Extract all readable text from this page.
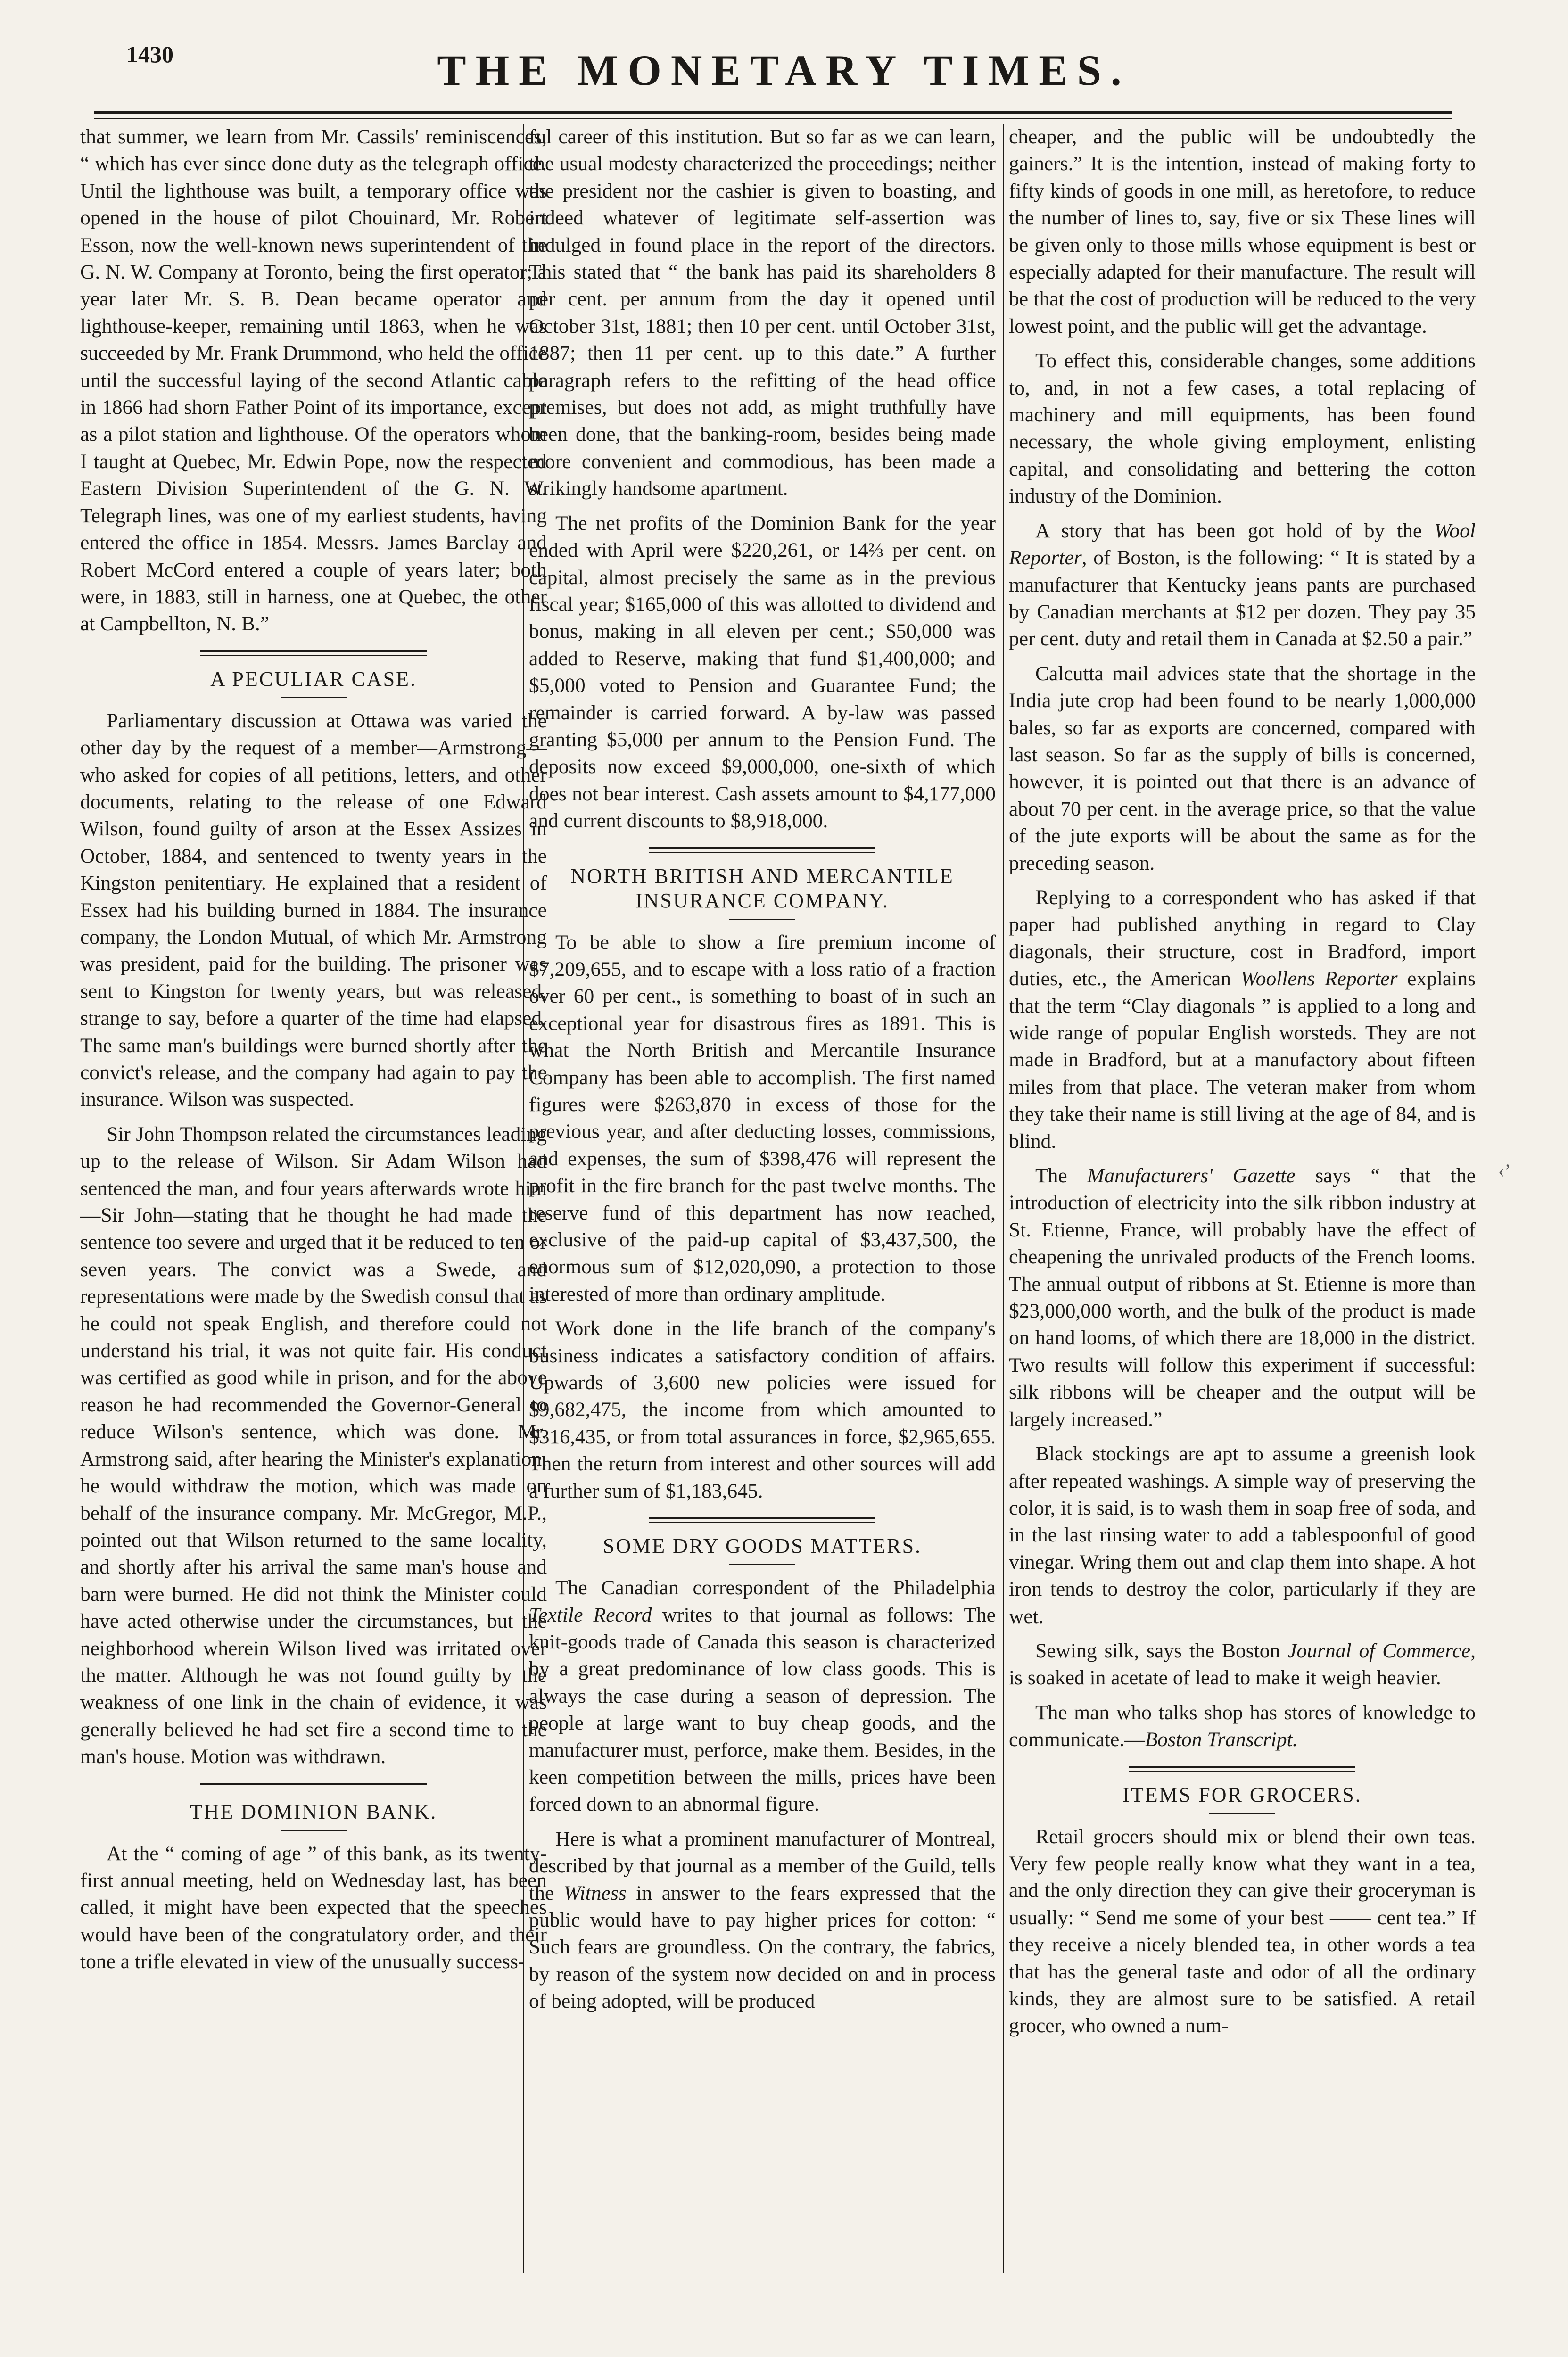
1430	THE MONETARY TIMES.

that summer, we learn from Mr. Cassils' reminiscences, “ which has ever since done duty as the telegraph office. Until the lighthouse was built, a temporary office was opened in the house of pilot Chouinard, Mr. Robert Esson, now the well-known news superintendent of the G. N. W. Company at Toronto, being the first operator; a year later Mr. S. B. Dean became operator and lighthouse-keeper, remaining until 1863, when he was succeeded by Mr. Frank Drummond, who held the office until the successful laying of the second Atlantic cable in 1866 had shorn Father Point of its importance, except as a pilot station and lighthouse. Of the operators whom I taught at Quebec, Mr. Edwin Pope, now the respected Eastern Division Superintendent of the G. N. W. Telegraph lines, was one of my earliest students, having entered the office in 1854. Messrs. James Barclay and Robert McCord entered a couple of years later; both were, in 1883, still in harness, one at Quebec, the other at Campbellton, N. B.”

A PECULIAR CASE.

Parliamentary discussion at Ottawa was varied the other day by the request of a member—Armstrong—who asked for copies of all petitions, letters, and other documents, relating to the release of one Edward Wilson, found guilty of arson at the Essex Assizes in October, 1884, and sentenced to twenty years in the Kingston penitentiary. He explained that a resident of Essex had his building burned in 1884. The insurance company, the London Mutual, of which Mr. Armstrong was president, paid for the building. The prisoner was sent to Kingston for twenty years, but was released, strange to say, before a quarter of the time had elapsed. The same man's buildings were burned shortly after the convict's release, and the company had again to pay the insurance. Wilson was suspected.

Sir John Thompson related the circumstances leading up to the release of Wilson. Sir Adam Wilson had sentenced the man, and four years afterwards wrote him—Sir John—stating that he thought he had made the sentence too severe and urged that it be reduced to ten or seven years. The convict was a Swede, and representations were made by the Swedish consul that as he could not speak English, and therefore could not understand his trial, it was not quite fair. His conduct was certified as good while in prison, and for the above reason he had recommended the Governor-General to reduce Wilson's sentence, which was done. Mr. Armstrong said, after hearing the Minister's explanation, he would withdraw the motion, which was made on behalf of the insurance company. Mr. McGregor, M.P., pointed out that Wilson returned to the same locality, and shortly after his arrival the same man's house and barn were burned. He did not think the Minister could have acted otherwise under the circumstances, but the neighborhood wherein Wilson lived was irritated over the matter. Although he was not found guilty by the weakness of one link in the chain of evidence, it was generally believed he had set fire a second time to the man's house. Motion was withdrawn.

THE DOMINION BANK.

At the “ coming of age ” of this bank, as its twenty-first annual meeting, held on Wednesday last, has been called, it might have been expected that the speeches would have been of the congratulatory order, and their tone a trifle elevated in view of the unusually success-

ful career of this institution. But so far as we can learn, the usual modesty characterized the proceedings; neither the president nor the cashier is given to boasting, and indeed whatever of legitimate self-assertion was indulged in found place in the report of the directors. This stated that “ the bank has paid its shareholders 8 per cent. per annum from the day it opened until October 31st, 1881; then 10 per cent. until October 31st, 1887; then 11 per cent. up to this date.” A further paragraph refers to the refitting of the head office premises, but does not add, as might truthfully have been done, that the banking-room, besides being made more convenient and commodious, has been made a strikingly handsome apartment.

The net profits of the Dominion Bank for the year ended with April were $220,261, or 14⅔ per cent. on capital, almost precisely the same as in the previous fiscal year; $165,000 of this was allotted to dividend and bonus, making in all eleven per cent.; $50,000 was added to Reserve, making that fund $1,400,000; and $5,000 voted to Pension and Guarantee Fund; the remainder is carried forward. A by-law was passed granting $5,000 per annum to the Pension Fund. The deposits now exceed $9,000,000, one-sixth of which does not bear interest. Cash assets amount to $4,177,000 and current discounts to $8,918,000.

NORTH BRITISH AND MERCANTILE INSURANCE COMPANY.

To be able to show a fire premium income of $7,209,655, and to escape with a loss ratio of a fraction over 60 per cent., is something to boast of in such an exceptional year for disastrous fires as 1891. This is what the North British and Mercantile Insurance Company has been able to accomplish. The first named figures were $263,870 in excess of those for the previous year, and after deducting losses, commissions, and expenses, the sum of $398,476 will represent the profit in the fire branch for the past twelve months. The reserve fund of this department has now reached, exclusive of the paid-up capital of $3,437,500, the enormous sum of $12,020,090, a protection to those interested of more than ordinary amplitude.

Work done in the life branch of the company's business indicates a satisfactory condition of affairs. Upwards of 3,600 new policies were issued for $9,682,475, the income from which amounted to $316,435, or from total assurances in force, $2,965,655. Then the return from interest and other sources will add a further sum of $1,183,645.

SOME DRY GOODS MATTERS.

The Canadian correspondent of the Philadelphia Textile Record writes to that journal as follows: The knit-goods trade of Canada this season is characterized by a great predominance of low class goods. This is always the case during a season of depression. The people at large want to buy cheap goods, and the manufacturer must, perforce, make them. Besides, in the keen competition between the mills, prices have been forced down to an abnormal figure.

Here is what a prominent manufacturer of Montreal, described by that journal as a member of the Guild, tells the Witness in answer to the fears expressed that the public would have to pay higher prices for cotton: “ Such fears are groundless. On the contrary, the fabrics, by reason of the system now decided on and in process of being adopted, will be produced

cheaper, and the public will be undoubtedly the gainers.” It is the intention, instead of making forty to fifty kinds of goods in one mill, as heretofore, to reduce the number of lines to, say, five or six These lines will be given only to those mills whose equipment is best or especially adapted for their manufacture. The result will be that the cost of production will be reduced to the very lowest point, and the public will get the advantage.

To effect this, considerable changes, some additions to, and, in not a few cases, a total replacing of machinery and mill equipments, has been found necessary, the whole giving employment, enlisting capital, and consolidating and bettering the cotton industry of the Dominion.

A story that has been got hold of by the Wool Reporter, of Boston, is the following: “ It is stated by a manufacturer that Kentucky jeans pants are purchased by Canadian merchants at $12 per dozen. They pay 35 per cent. duty and retail them in Canada at $2.50 a pair.”

Calcutta mail advices state that the shortage in the India jute crop had been found to be nearly 1,000,000 bales, so far as exports are concerned, compared with last season. So far as the supply of bills is concerned, however, it is pointed out that there is an advance of about 70 per cent. in the average price, so that the value of the jute exports will be about the same as for the preceding season.

Replying to a correspondent who has asked if that paper had published anything in regard to Clay diagonals, their structure, cost in Bradford, import duties, etc., the American Woollens Reporter explains that the term “Clay diagonals ” is applied to a long and wide range of popular English worsteds. They are not made in Bradford, but at a manufactory about fifteen miles from that place. The veteran maker from whom they take their name is still living at the age of 84, and is blind.

The Manufacturers' Gazette says “ that the introduction of electricity into the silk ribbon industry at St. Etienne, France, will probably have the effect of cheapening the unrivaled products of the French looms. The annual output of ribbons at St. Etienne is more than $23,000,000 worth, and the bulk of the product is made on hand looms, of which there are 18,000 in the district. Two results will follow this experiment if successful: silk ribbons will be cheaper and the output will be largely increased.”

Black stockings are apt to assume a greenish look after repeated washings. A simple way of preserving the color, it is said, is to wash them in soap free of soda, and in the last rinsing water to add a tablespoonful of good vinegar. Wring them out and clap them into shape. A hot iron tends to destroy the color, particularly if they are wet.

Sewing silk, says the Boston Journal of Commerce, is soaked in acetate of lead to make it weigh heavier.

The man who talks shop has stores of knowledge to communicate.—Boston Transcript.

ITEMS FOR GROCERS.

Retail grocers should mix or blend their own teas. Very few people really know what they want in a tea, and the only direction they can give their groceryman is usually: “ Send me some of your best —— cent tea.” If they receive a nicely blended tea, in other words a tea that has the general taste and odor of all the ordinary kinds, they are almost sure to be satisfied. A retail grocer, who owned a num-

‹’
